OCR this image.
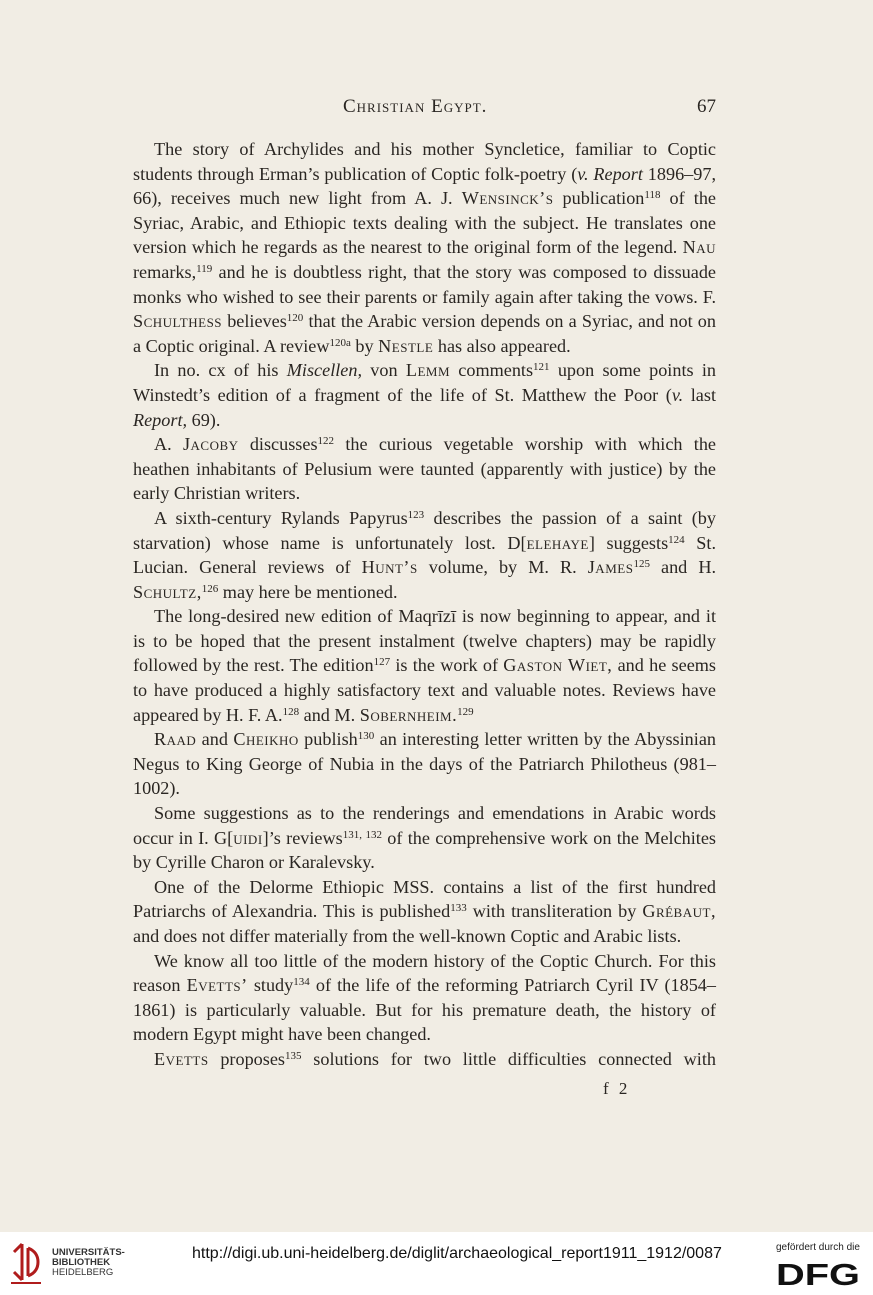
Christian Egypt.	67

The story of Archylides and his mother Syncletice, familiar to Coptic students through Erman’s publication of Coptic folk-poetry (v. Report 1896–97, 66), receives much new light from A. J. Wensinck’s publication$^{118}$ of the Syriac, Arabic, and Ethiopic texts dealing with the subject. He translates one version which he regards as the nearest to the original form of the legend. Nau remarks,$^{119}$ and he is doubtless right, that the story was composed to dissuade monks who wished to see their parents or family again after taking the vows. F. Schulthess believes$^{120}$ that the Arabic version depends on a Syriac, and not on a Coptic original. A review$^{120a}$ by Nestle has also appeared.

In no. cx of his Miscellen, von Lemm comments$^{121}$ upon some points in Winstedt’s edition of a fragment of the life of St. Matthew the Poor (v. last Report, 69).

A. Jacoby discusses$^{122}$ the curious vegetable worship with which the heathen inhabitants of Pelusium were taunted (apparently with justice) by the early Christian writers.

A sixth-century Rylands Papyrus$^{123}$ describes the passion of a saint (by starvation) whose name is unfortunately lost. D[elehaye] suggests$^{124}$ St. Lucian. General reviews of Hunt’s volume, by M. R. James$^{125}$ and H. Schultz,$^{126}$ may here be mentioned.

The long-desired new edition of Maqrīzī is now beginning to appear, and it is to be hoped that the present instalment (twelve chapters) may be rapidly followed by the rest. The edition$^{127}$ is the work of Gaston Wiet, and he seems to have produced a highly satisfactory text and valuable notes. Reviews have appeared by H. F. A.$^{128}$ and M. Sobernheim.$^{129}$

Raad and Cheikho publish$^{130}$ an interesting letter written by the Abyssinian Negus to King George of Nubia in the days of the Patriarch Philotheus (981–1002).

Some suggestions as to the renderings and emendations in Arabic words occur in I. G[uidi]’s reviews$^{131, 132}$ of the comprehensive work on the Melchites by Cyrille Charon or Karalevsky.

One of the Delorme Ethiopic MSS. contains a list of the first hundred Patriarchs of Alexandria. This is published$^{133}$ with transliteration by Grébaut, and does not differ materially from the well-known Coptic and Arabic lists.

We know all too little of the modern history of the Coptic Church. For this reason Evetts’ study$^{134}$ of the life of the reforming Patriarch Cyril IV (1854–1861) is particularly valuable. But for his premature death, the history of modern Egypt might have been changed.

Evetts proposes$^{135}$ solutions for two little difficulties connected with

f 2
UNIVERSITÄTS-
BIBLIOTHEK
HEIDELBERG
http://digi.ub.uni-heidelberg.de/diglit/archaeological_report1911_1912/0087	gefördert durch die
DFG
